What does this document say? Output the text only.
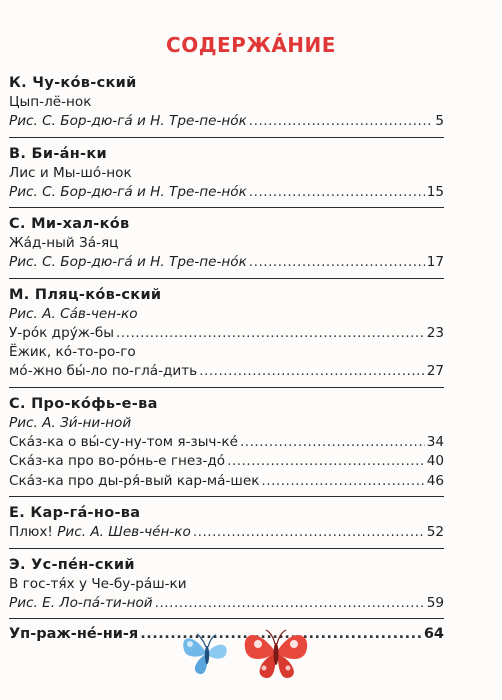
СОДЕРЖÁНИЕ
К. Чу-кóв-ский
Цып-лё-нок
Рис. С. Бор-дю-гá и Н. Тре-пе-нóк .....	5
В. Би-áн-ки
Лис и Мы-шó-нок
Рис. С. Бор-дю-гá и Н. Тре-пе-нóк .....	15
С. Ми-хал-кóв
Жáд-ный Зá-яц
Рис. С. Бор-дю-гá и Н. Тре-пе-нóк .....	17
М. Пляц-кóв-ский
Рис. А. Сáв-чен-ко
У-рóк дрýж-бы .....	23
Ёжик, кó-то-ро-го
мó-жно бы́-ло по-глá-дить .....	27
С. Про-кóфь-е-ва
Рис. А. Зи́-ни-ной
Скáз-ка о вы́-су-ну-том я-зыч-кé .....	34
Скáз-ка про во-рóнь-е гнез-дó .....	40
Скáз-ка про ды-ря́-вый кар-мá-шек .....	46
Е. Кар-гá-но-ва
Плюх!
Рис. А. Шев-чéн-ко .....	52
Э. Ус-пéн-ский
В гос-тя́х у Че-бу-рáш-ки
Рис. Е. Ло-пá-ти-ной .....	59
Уп-раж-нé-ни-я .....	64
